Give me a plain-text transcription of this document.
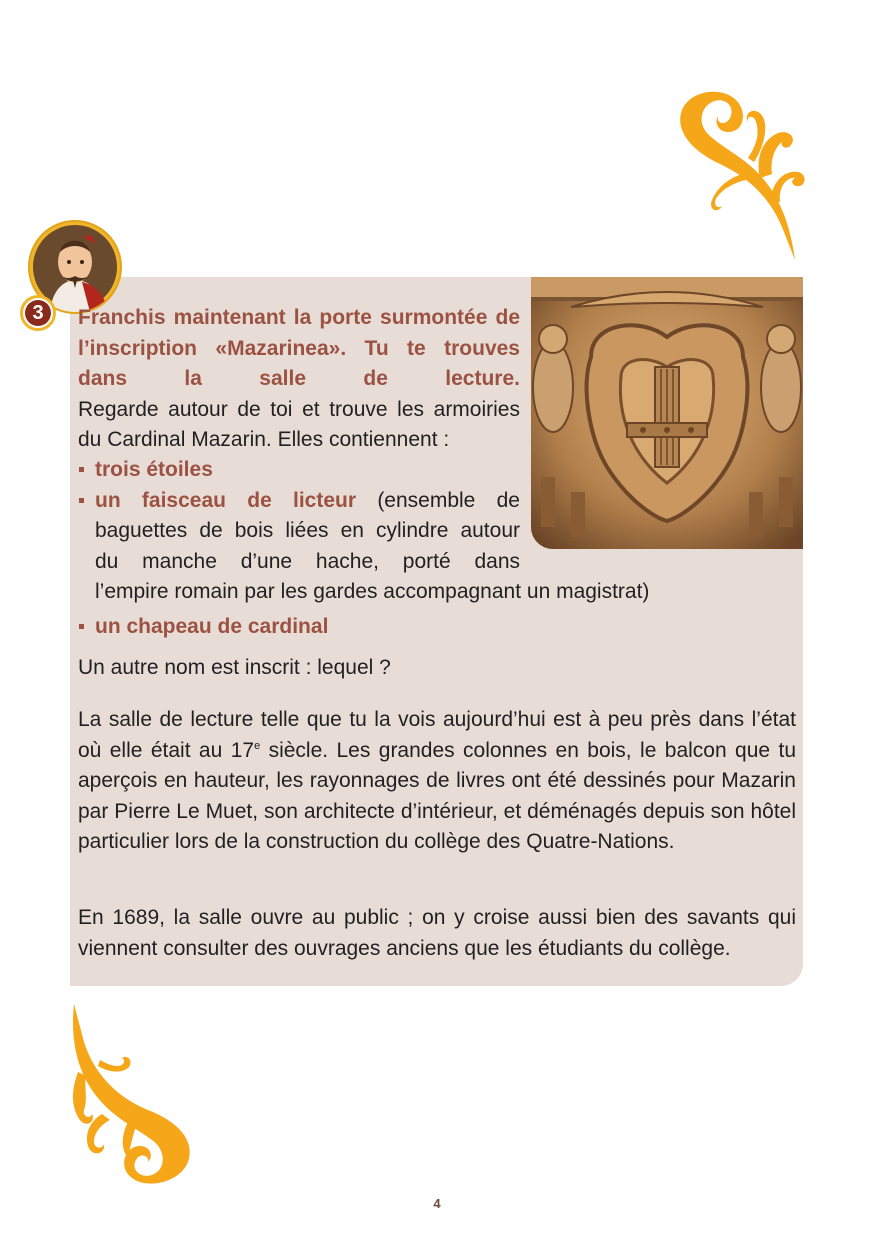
3	Franchis maintenant la porte surmontée de l’inscription «Mazarinea». Tu te trouves dans la salle de lecture.

Regarde autour de toi et trouve les armoiries

du Cardinal Mazarin. Elles contiennent :

trois étoiles

un faisceau de licteur (ensemble de

baguettes de bois liées en cylindre autour

du manche d’une hache, porté dans

l’empire romain par les gardes accompagnant un magistrat)

un chapeau de cardinal

Un autre nom est inscrit : lequel ?
La salle de lecture telle que tu la vois aujourd’hui est à peu près dans l’état où elle était au 17e siècle. Les grandes colonnes en bois, le balcon que tu aperçois en hauteur, les rayonnages de livres ont été dessinés pour Mazarin par Pierre Le Muet, son architecte d’intérieur, et déménagés depuis son hôtel particulier lors de la construction du collège des Quatre-Nations.
En 1689, la salle ouvre au public ; on y croise aussi bien des savants qui viennent consulter des ouvrages anciens que les étudiants du collège.
4
